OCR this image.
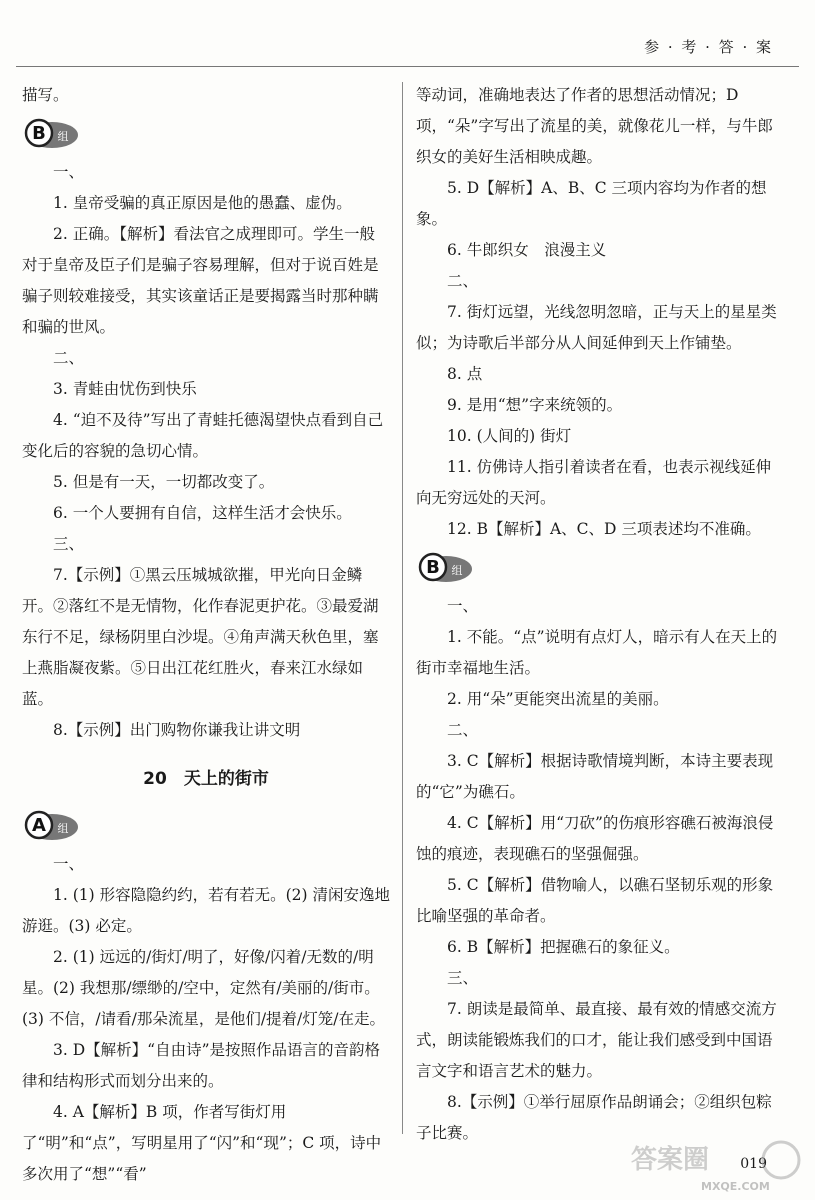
参 · 考 · 答 · 案

描写。

B 组

一、

1. 皇帝受骗的真正原因是他的愚蠢、虚伪。

2. 正确。【解析】看法官之成理即可。学生一般对于皇帝及臣子们是骗子容易理解，但对于说百姓是骗子则较难接受，其实该童话正是要揭露当时那种瞒和骗的世风。

二、

3. 青蛙由忧伤到快乐

4. “迫不及待”写出了青蛙托德渴望快点看到自己变化后的容貌的急切心情。

5. 但是有一天，一切都改变了。

6. 一个人要拥有自信，这样生活才会快乐。

三、

7.【示例】①黑云压城城欲摧，甲光向日金鳞开。②落红不是无情物，化作春泥更护花。③最爱湖东行不足，绿杨阴里白沙堤。④角声满天秋色里，塞上燕脂凝夜紫。⑤日出江花红胜火，春来江水绿如蓝。

8.【示例】出门购物你谦我让讲文明

20　天上的街市
A 组

一、

1. (1) 形容隐隐约约，若有若无。(2) 清闲安逸地游逛。(3) 必定。

2. (1) 远远的/街灯/明了，好像/闪着/无数的/明星。(2) 我想那/缥缈的/空中，定然有/美丽的/街市。(3) 不信，/请看/那朵流星，是他们/提着/灯笼/在走。

3. D【解析】“自由诗”是按照作品语言的音韵格律和结构形式而划分出来的。

4. A【解析】B 项，作者写街灯用了“明”和“点”，写明星用了“闪”和“现”；C 项，诗中多次用了“想”“看”

等动词，准确地表达了作者的思想活动情况；D 项，“朵”字写出了流星的美，就像花儿一样，与牛郎织女的美好生活相映成趣。

5. D【解析】A、B、C 三项内容均为作者的想象。

6. 牛郎织女　浪漫主义

二、

7. 街灯远望，光线忽明忽暗，正与天上的星星类似；为诗歌后半部分从人间延伸到天上作铺垫。

8. 点

9. 是用“想”字来统领的。

10. (人间的) 街灯

11. 仿佛诗人指引着读者在看，也表示视线延伸向无穷远处的天河。

12. B【解析】A、C、D 三项表述均不准确。

B 组

一、

1. 不能。“点”说明有点灯人，暗示有人在天上的街市幸福地生活。

2. 用“朵”更能突出流星的美丽。

二、

3. C【解析】根据诗歌情境判断，本诗主要表现的“它”为礁石。

4. C【解析】用“刀砍”的伤痕形容礁石被海浪侵蚀的痕迹，表现礁石的坚强倔强。

5. C【解析】借物喻人，以礁石坚韧乐观的形象比喻坚强的革命者。

6. B【解析】把握礁石的象征义。

三、

7. 朗读是最简单、最直接、最有效的情感交流方式，朗读能锻炼我们的口才，能让我们感受到中国语言文字和语言艺术的魅力。

8.【示例】①举行屈原作品朗诵会；②组织包粽子比赛。

019
答案圈
MXQE.COM
